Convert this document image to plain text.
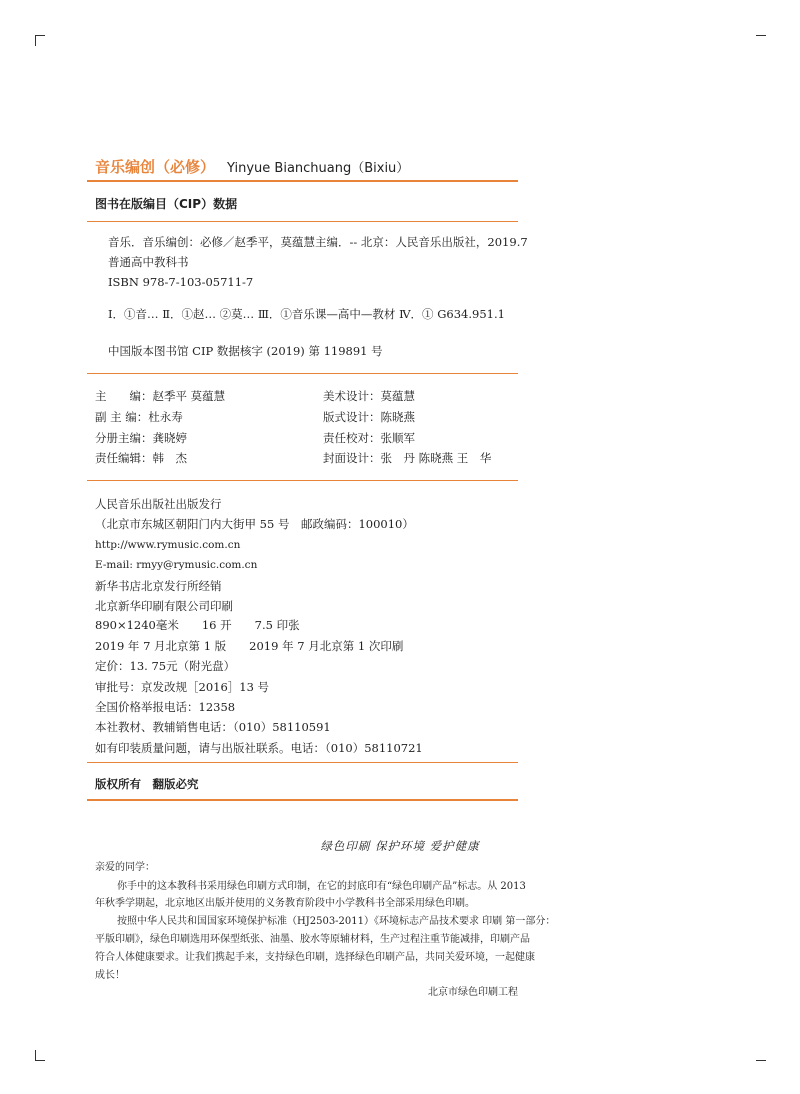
音乐编创（必修） Yinyue Bianchuang（Bixiu）
图书在版编目（CIP）数据
音乐．音乐编创：必修／赵季平，莫蕴慧主编．-- 北京：人民音乐出版社，2019.7
普通高中教科书
ISBN 978-7-103-05711-7
Ⅰ．①音… Ⅱ．①赵… ②莫… Ⅲ．①音乐课—高中—教材 Ⅳ．① G634.951.1
中国版本图书馆 CIP 数据核字 (2019) 第 119891 号
主　　编：赵季平 莫蕴慧
副 主 编：杜永寿
分册主编：龚晓婷
责任编辑：韩　杰
美术设计：莫蕴慧
版式设计：陈晓燕
责任校对：张顺军
封面设计：张　丹 陈晓燕 王　华
人民音乐出版社出版发行
（北京市东城区朝阳门内大街甲 55 号　邮政编码：100010）
http://www.rymusic.com.cn
E-mail: rmyy@rymusic.com.cn
新华书店北京发行所经销
北京新华印刷有限公司印刷
890×1240毫米　　16 开　　7.5 印张
2019 年 7 月北京第 1 版　　2019 年 7 月北京第 1 次印刷
定价：13. 75元（附光盘）
审批号：京发改规［2016］13 号
全国价格举报电话：12358
本社教材、教辅销售电话：（010）58110591
如有印装质量问题，请与出版社联系。电话：（010）58110721
版权所有　翻版必究
绿色印刷 保护环境 爱护健康
亲爱的同学：
你手中的这本教科书采用绿色印刷方式印制，在它的封底印有“绿色印刷产品”标志。从 2013
年秋季学期起，北京地区出版并使用的义务教育阶段中小学教科书全部采用绿色印刷。
按照中华人民共和国国家环境保护标准（HJ2503-2011）《环境标志产品技术要求 印刷 第一部分：
平版印刷》，绿色印刷选用环保型纸张、油墨、胶水等原辅材料，生产过程注重节能减排，印刷产品
符合人体健康要求。让我们携起手来，支持绿色印刷，选择绿色印刷产品，共同关爱环境，一起健康
成长！
北京市绿色印刷工程
